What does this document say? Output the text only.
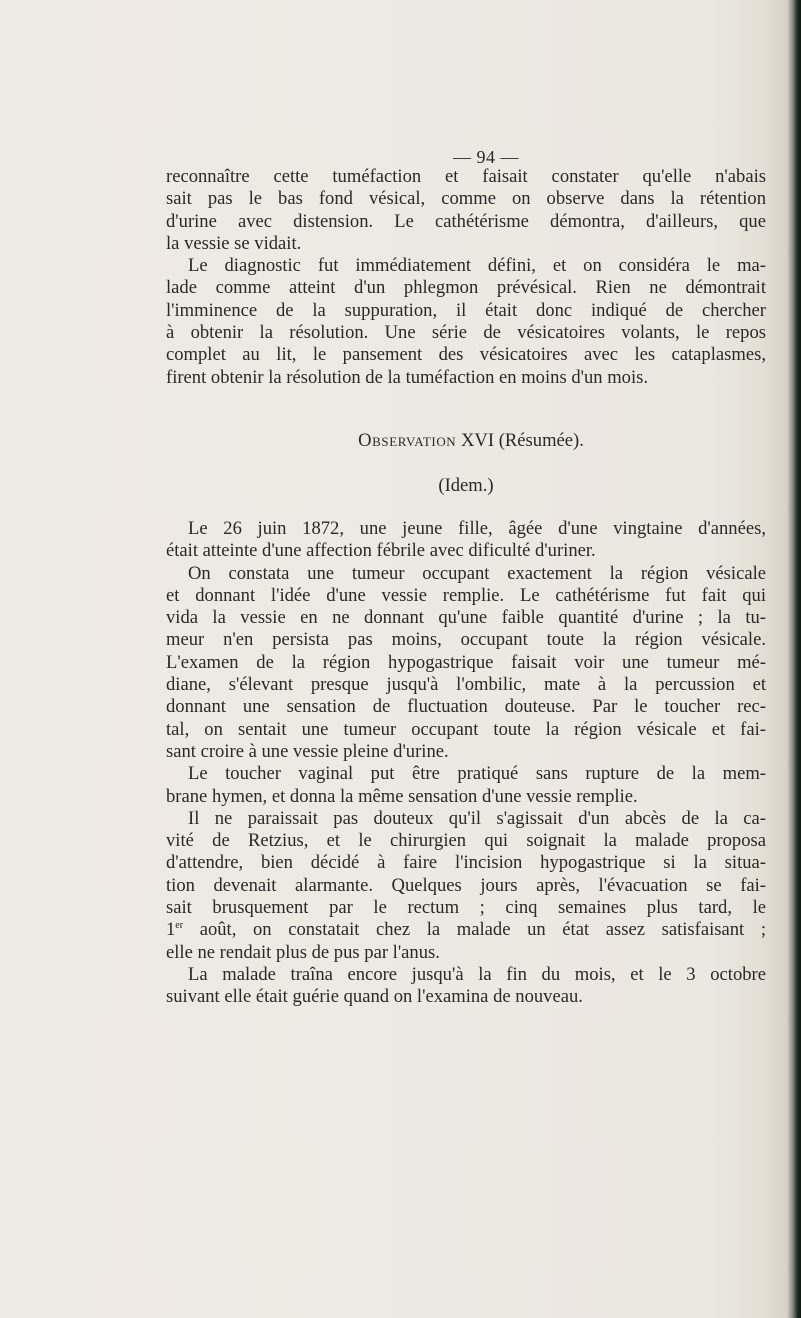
— 94 —
reconnaître cette tuméfaction et faisait constater qu'elle n'abais
sait pas le bas fond vésical, comme on observe dans la rétention
d'urine avec distension. Le cathétérisme démontra, d'ailleurs, que
la vessie se vidait.
Le diagnostic fut immédiatement défini, et on considéra le ma-
lade comme atteint d'un phlegmon prévésical. Rien ne démontrait
l'imminence de la suppuration, il était donc indiqué de chercher
à obtenir la résolution. Une série de vésicatoires volants, le repos
complet au lit, le pansement des vésicatoires avec les cataplasmes,
firent obtenir la résolution de la tuméfaction en moins d'un mois.
Observation XVI (Résumée).
(Idem.)
Le 26 juin 1872, une jeune fille, âgée d'une vingtaine d'années,
était atteinte d'une affection fébrile avec dificulté d'uriner.
On constata une tumeur occupant exactement la région vésicale
et donnant l'idée d'une vessie remplie. Le cathétérisme fut fait qui
vida la vessie en ne donnant qu'une faible quantité d'urine ; la tu-
meur n'en persista pas moins, occupant toute la région vésicale.
L'examen de la région hypogastrique faisait voir une tumeur mé-
diane, s'élevant presque jusqu'à l'ombilic, mate à la percussion et
donnant une sensation de fluctuation douteuse. Par le toucher rec-
tal, on sentait une tumeur occupant toute la région vésicale et fai-
sant croire à une vessie pleine d'urine.
Le toucher vaginal put être pratiqué sans rupture de la mem-
brane hymen, et donna la même sensation d'une vessie remplie.
Il ne paraissait pas douteux qu'il s'agissait d'un abcès de la ca-
vité de Retzius, et le chirurgien qui soignait la malade proposa
d'attendre, bien décidé à faire l'incision hypogastrique si la situa-
tion devenait alarmante. Quelques jours après, l'évacuation se fai-
sait brusquement par le rectum ; cinq semaines plus tard, le
1er août, on constatait chez la malade un état assez satisfaisant ;
elle ne rendait plus de pus par l'anus.
La malade traîna encore jusqu'à la fin du mois, et le 3 octobre
suivant elle était guérie quand on l'examina de nouveau.
